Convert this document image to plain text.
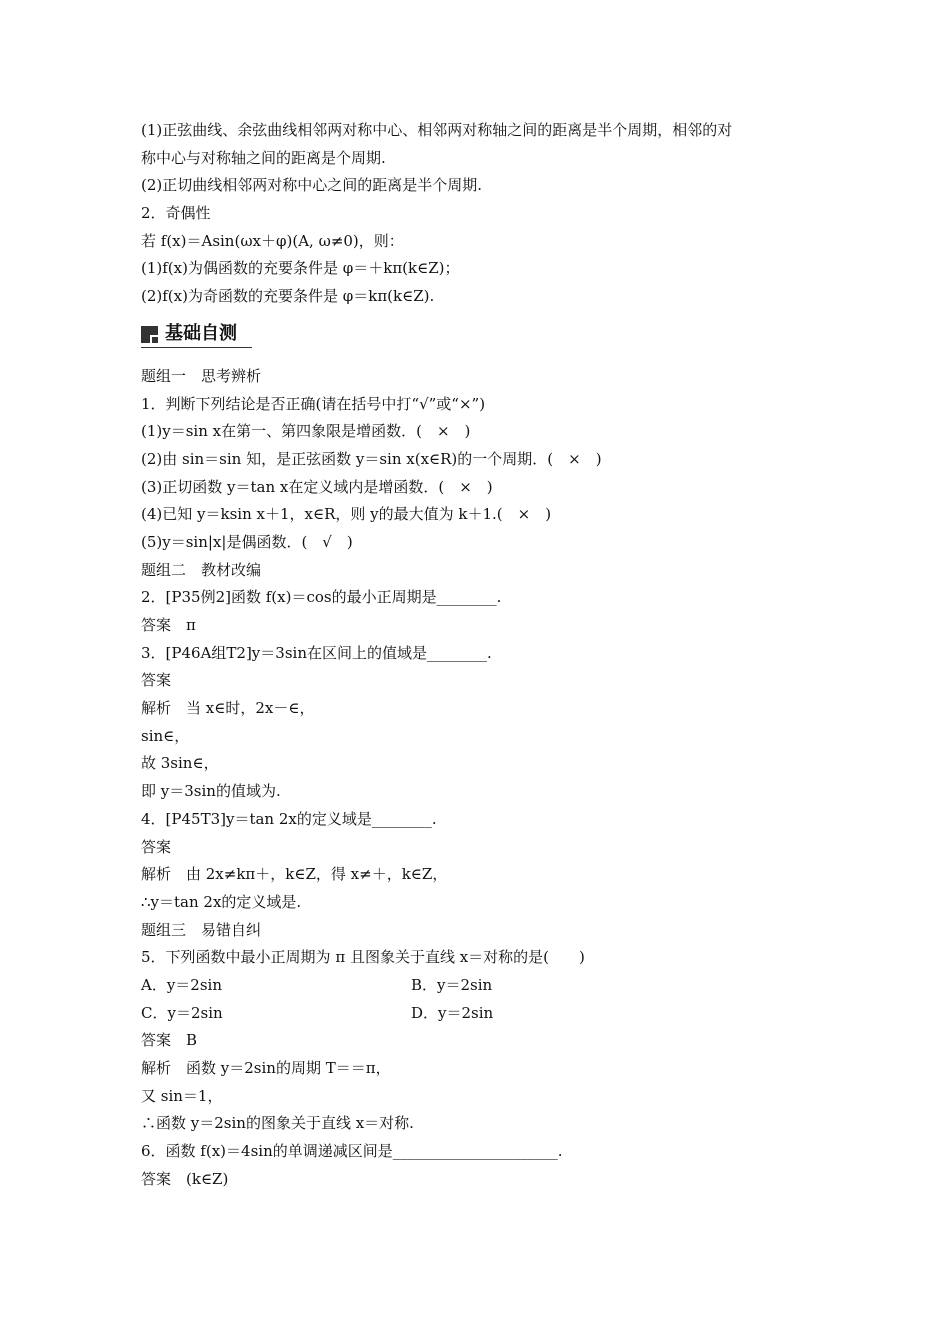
(1)正弦曲线、余弦曲线相邻两对称中心、相邻两对称轴之间的距离是半个周期，相邻的对
称中心与对称轴之间的距离是个周期.
(2)正切曲线相邻两对称中心之间的距离是半个周期.
2．奇偶性
若 f(x)＝Asin(ωx＋φ)(A, ω≠0)，则：
(1)f(x)为偶函数的充要条件是 φ＝＋kπ(k∈Z)；
(2)f(x)为奇函数的充要条件是 φ＝kπ(k∈Z).
基础自测
题组一　思考辨析
1．判断下列结论是否正确(请在括号中打“√”或“×”)
(1)y＝sin x在第一、第四象限是增函数．(　×　)
(2)由 sin＝sin 知，是正弦函数 y＝sin x(x∈R)的一个周期．(　×　)
(3)正切函数 y＝tan x在定义域内是增函数．(　×　)
(4)已知 y＝ksin x＋1，x∈R，则 y的最大值为 k＋1.(　×　)
(5)y＝sin|x|是偶函数．(　√　)
题组二　教材改编
2．[P35例2]函数 f(x)＝cos的最小正周期是________.
答案　π
3．[P46A组T2]y＝3sin在区间上的值域是________.
答案
解析　当 x∈时，2x－∈，
sin∈，
故 3sin∈，
即 y＝3sin的值域为.
4．[P45T3]y＝tan 2x的定义域是________.
答案
解析　由 2x≠kπ＋，k∈Z，得 x≠＋，k∈Z，
∴y＝tan 2x的定义域是.
题组三　易错自纠
5．下列函数中最小正周期为 π 且图象关于直线 x＝对称的是(　　)
A．y＝2sin	B．y＝2sin
C．y＝2sin	D．y＝2sin
答案　B
解析　函数 y＝2sin的周期 T＝＝π，
又 sin＝1，
∴函数 y＝2sin的图象关于直线 x＝对称.
6．函数 f(x)＝4sin的单调递减区间是______________________.
答案　(k∈Z)
